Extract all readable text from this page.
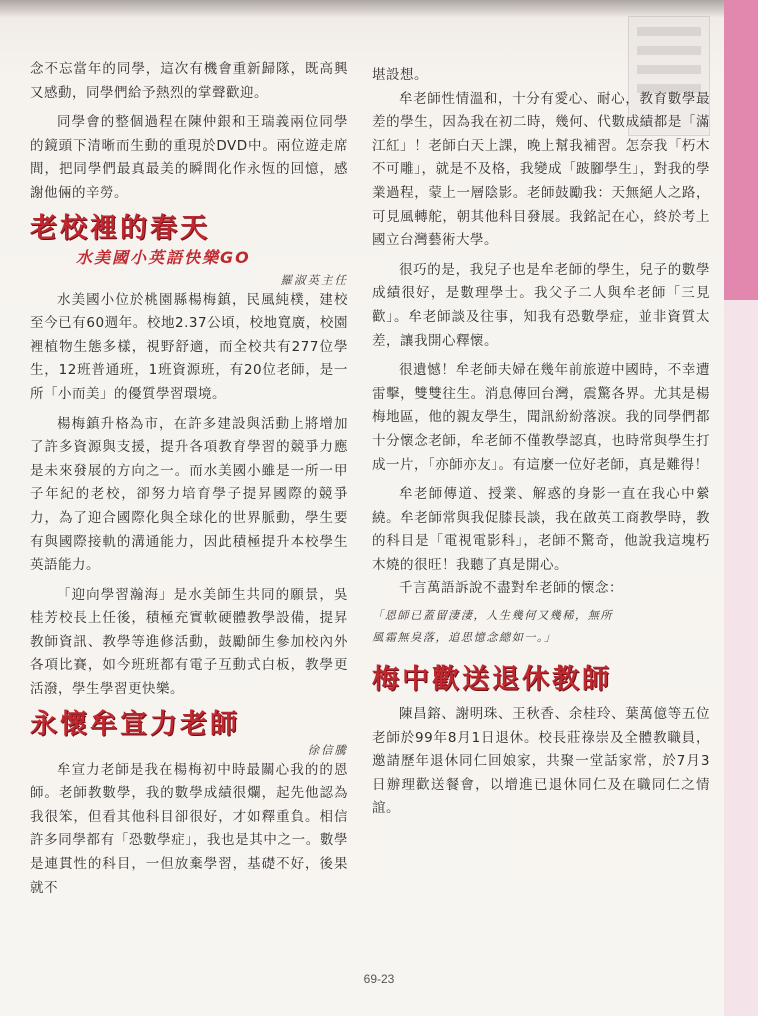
念不忘當年的同學，這次有機會重新歸隊，既高興又感動，同學們給予熱烈的掌聲歡迎。

同學會的整個過程在陳仲銀和王瑞義兩位同學的鏡頭下清晰而生動的重現於DVD中。兩位遊走席間，把同學們最真最美的瞬間化作永恆的回憶，感謝他倆的辛勞。

老校裡的春天
水美國小英語快樂GO

羅淑英主任

水美國小位於桃園縣楊梅鎮，民風純樸，建校至今已有60週年。校地2.37公頃，校地寬廣，校園裡植物生態多樣，視野舒適，而全校共有277位學生，12班普通班，1班資源班，有20位老師，是一所「小而美」的優質學習環境。

楊梅鎮升格為市，在許多建設與活動上將增加了許多資源與支援，提升各項教育學習的競爭力應是未來發展的方向之一。而水美國小雖是一所一甲子年紀的老校，卻努力培育學子提昇國際的競爭力，為了迎合國際化與全球化的世界脈動，學生要有與國際接軌的溝通能力，因此積極提升本校學生英語能力。

「迎向學習瀚海」是水美師生共同的願景，吳桂芳校長上任後，積極充實軟硬體教學設備，提昇教師資訊、教學等進修活動，鼓勵師生參加校內外各項比賽，如今班班都有電子互動式白板，教學更活潑，學生學習更快樂。

永懷牟宣力老師

徐信騰

牟宣力老師是我在楊梅初中時最關心我的的恩師。老師教數學，我的數學成績很爛，起先他認為我很笨，但看其他科目卻很好，才如釋重負。相信許多同學都有「恐數學症」，我也是其中之一。數學是連貫性的科目，一但放棄學習，基礎不好，後果就不

堪設想。

牟老師性情溫和，十分有愛心、耐心，教育數學最差的學生，因為我在初二時，幾何、代數成績都是「滿江紅」！老師白天上課，晚上幫我補習。怎奈我「朽木不可雕」，就是不及格，我變成「跛腳學生」，對我的學業過程，蒙上一層陰影。老師鼓勵我：天無絕人之路，可見風轉舵，朝其他科目發展。我銘記在心，終於考上國立台灣藝術大學。

很巧的是，我兒子也是牟老師的學生，兒子的數學成績很好，是數理學士。我父子二人與牟老師「三見歡」。牟老師談及往事，知我有恐數學症，並非資質太差，讓我開心釋懷。

很遺憾！牟老師夫婦在幾年前旅遊中國時，不幸遭雷擊，雙雙往生。消息傳回台灣，震驚各界。尤其是楊梅地區，他的親友學生，聞訊紛紛落淚。我的同學們都十分懷念老師，牟老師不僅教學認真，也時常與學生打成一片，「亦師亦友」。有這麼一位好老師，真是難得！

牟老師傳道、授業、解惑的身影一直在我心中縈繞。牟老師常與我促膝長談，我在啟英工商教學時，教的科目是「電視電影科」，老師不驚奇，他說我這塊朽木燒的很旺！我聽了真是開心。

千言萬語訴說不盡對牟老師的懷念：

「恩師已蓋留淒淒，人生幾何又幾稀，無所
風霜無臭落，追思憶念總如一。」
梅中歡送退休教師

陳昌鎔、謝明珠、王秋香、余桂玲、葉萬億等五位老師於99年8月1日退休。校長莊祿崇及全體教職員，邀請歷年退休同仁回娘家，共聚一堂話家常，於7月3日辦理歡送餐會，以增進已退休同仁及在職同仁之情誼。

69-23
